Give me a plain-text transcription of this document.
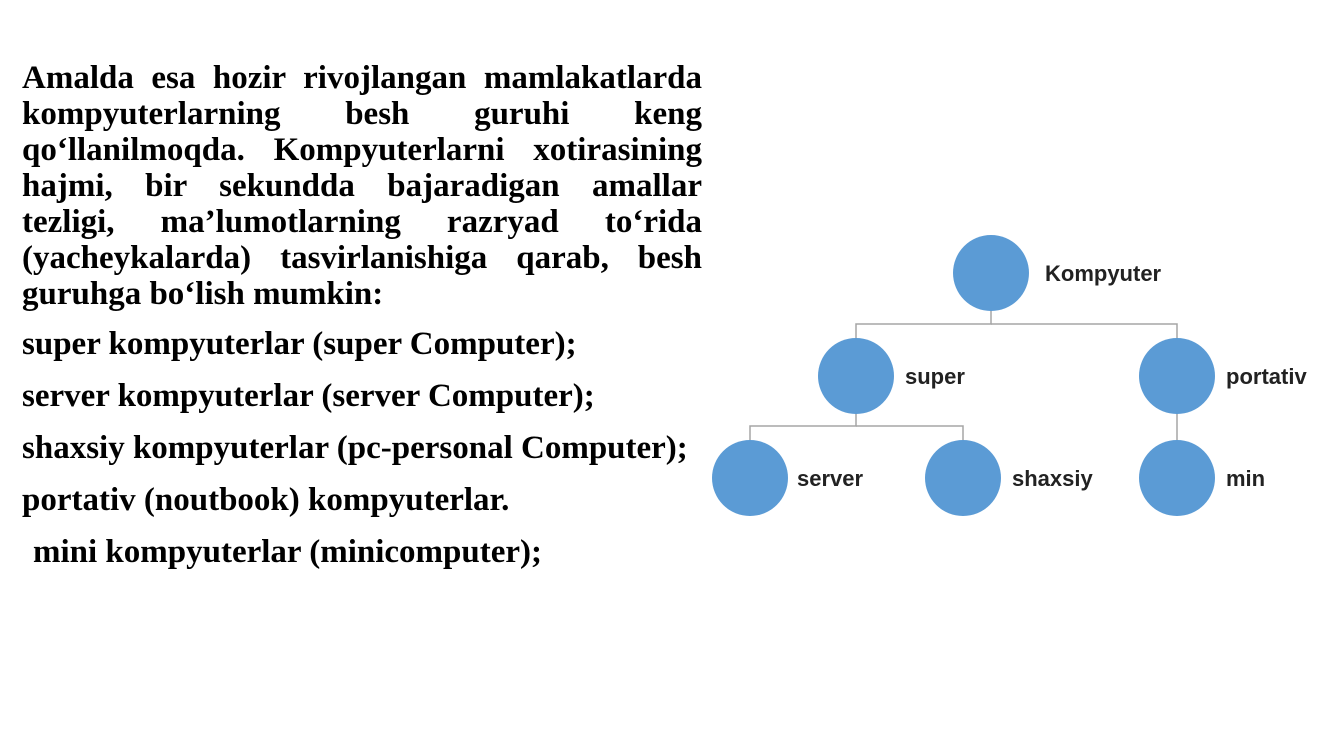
Amalda esa hozir rivojlangan mamlakatlarda kompyuterlarning besh guruhi keng qo‘llanilmoqda. Kompyuterlarni xotirasining hajmi, bir sekundda bajaradigan amallar tezligi, ma’lumotlarning razryad to‘rida (yacheykalarda) tasvirlanishiga qarab, besh guruhga bo‘lish mumkin:

super kompyuterlar (super Computer);

server kompyuterlar (server Computer);

shaxsiy kompyuterlar (pc-personal Computer);

portativ (noutbook) kompyuterlar.

mini kompyuterlar (minicomputer);

Kompyuter
super	portativ
server	shaxsiy	min
